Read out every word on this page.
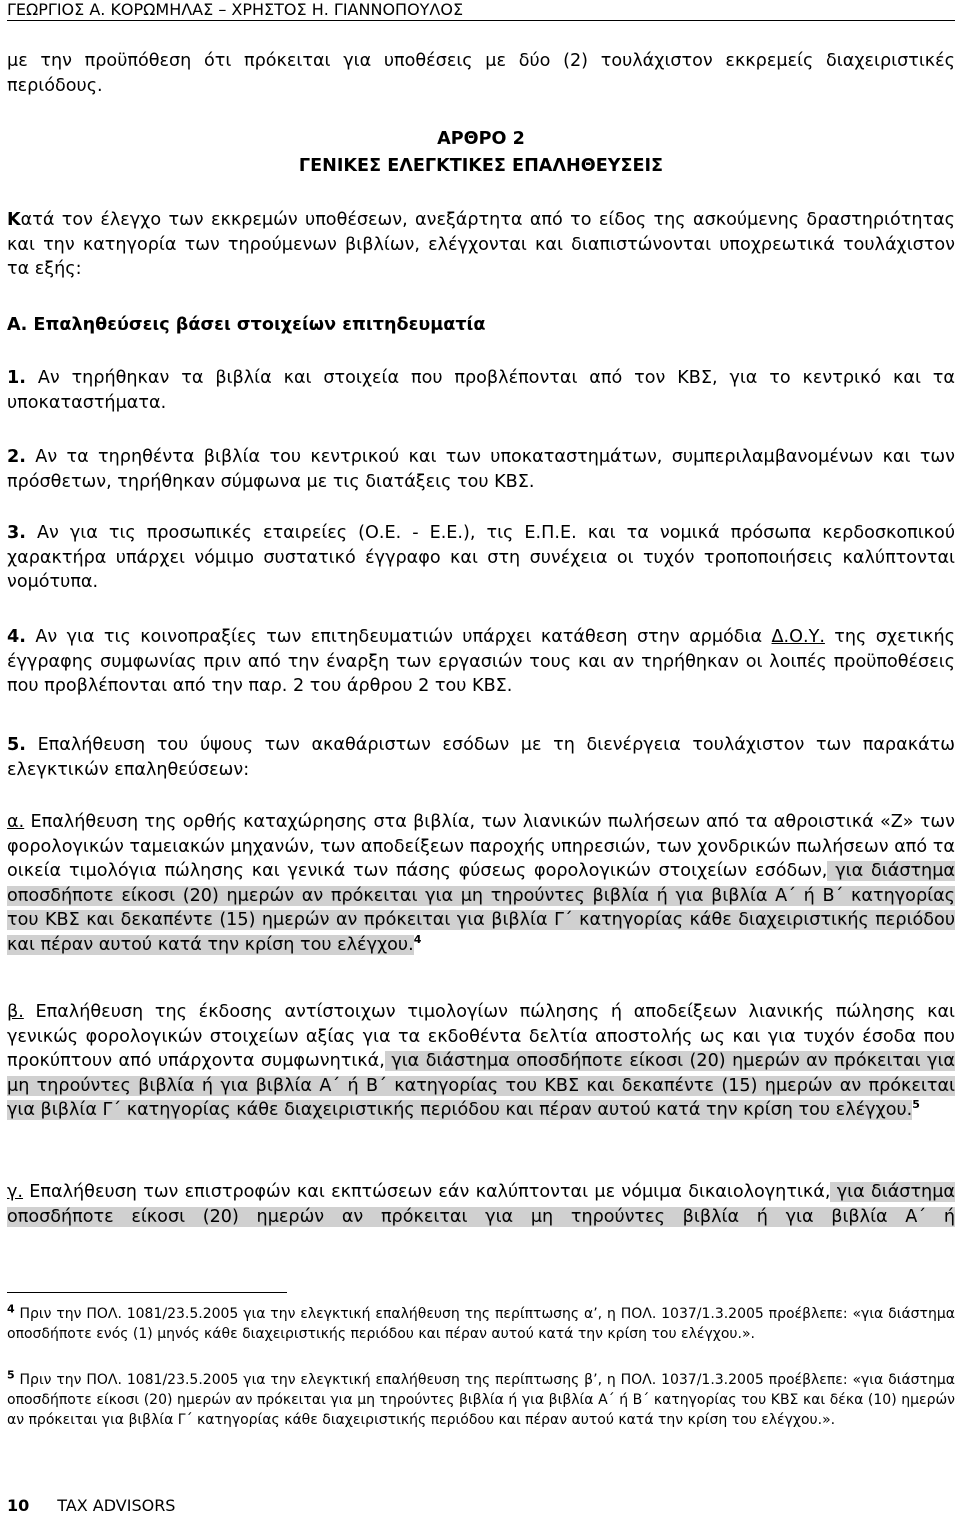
ΓΕΩΡΓΙΟΣ Α. ΚΟΡΩΜΗΛΑΣ – ΧΡΗΣΤΟΣ Η. ΓΙΑΝΝΟΠΟΥΛΟΣ
με την προϋπόθεση ότι πρόκειται για υποθέσεις με δύο (2) τουλάχιστον εκκρεμείς διαχειριστικές περιόδους.
ΑΡΘΡΟ 2
ΓΕΝΙΚΕΣ ΕΛΕΓΚΤΙΚΕΣ ΕΠΑΛΗΘΕΥΣΕΙΣ
Κατά τον έλεγχο των εκκρεμών υποθέσεων, ανεξάρτητα από το είδος της ασκούμενης δραστηριότητας και την κατηγορία των τηρούμενων βιβλίων, ελέγχονται και διαπιστώνονται υποχρεωτικά τουλάχιστον τα εξής:
Α. Επαληθεύσεις βάσει στοιχείων επιτηδευματία
1. Αν τηρήθηκαν τα βιβλία και στοιχεία που προβλέπονται από τον ΚΒΣ, για το κεντρικό και τα υποκαταστήματα.
2. Αν τα τηρηθέντα βιβλία του κεντρικού και των υποκαταστημάτων, συμπεριλαμβανομένων και των πρόσθετων, τηρήθηκαν σύμφωνα με τις διατάξεις του ΚΒΣ.
3. Αν για τις προσωπικές εταιρείες (Ο.Ε. - Ε.Ε.), τις Ε.Π.Ε. και τα νομικά πρόσωπα κερδοσκοπικού χαρακτήρα υπάρχει νόμιμο συστατικό έγγραφο και στη συνέχεια οι τυχόν τροποποιήσεις καλύπτονται νομότυπα.
4. Αν για τις κοινοπραξίες των επιτηδευματιών υπάρχει κατάθεση στην αρμόδια Δ.Ο.Υ. της σχετικής έγγραφης συμφωνίας πριν από την έναρξη των εργασιών τους και αν τηρήθηκαν οι λοιπές προϋποθέσεις που προβλέπονται από την παρ. 2 του άρθρου 2 του ΚΒΣ.
5. Επαλήθευση του ύψους των ακαθάριστων εσόδων με τη διενέργεια τουλάχιστον των παρακάτω ελεγκτικών επαληθεύσεων:
α. Επαλήθευση της ορθής καταχώρησης στα βιβλία, των λιανικών πωλήσεων από τα αθροιστικά «Ζ» των φορολογικών ταμειακών μηχανών, των αποδείξεων παροχής υπηρεσιών, των χονδρικών πωλήσεων από τα οικεία τιμολόγια πώλησης και γενικά των πάσης φύσεως φορολογικών στοιχείων εσόδων, για διάστημα οποσδήποτε είκοσι (20) ημερών αν πρόκειται για μη τηρούντες βιβλία ή για βιβλία Α΄ ή Β΄ κατηγορίας του ΚΒΣ και δεκαπέντε (15) ημερών αν πρόκειται για βιβλία Γ΄ κατηγορίας κάθε διαχειριστικής περιόδου και πέραν αυτού κατά την κρίση του ελέγχου.$^4$
β. Επαλήθευση της έκδοσης αντίστοιχων τιμολογίων πώλησης ή αποδείξεων λιανικής πώλησης και γενικώς φορολογικών στοιχείων αξίας για τα εκδοθέντα δελτία αποστολής ως και για τυχόν έσοδα που προκύπτουν από υπάρχοντα συμφωνητικά, για διάστημα οποσδήποτε είκοσι (20) ημερών αν πρόκειται για μη τηρούντες βιβλία ή για βιβλία Α΄ ή Β΄ κατηγορίας του ΚΒΣ και δεκαπέντε (15) ημερών αν πρόκειται για βιβλία Γ΄ κατηγορίας κάθε διαχειριστικής περιόδου και πέραν αυτού κατά την κρίση του ελέγχου.$^5$
γ. Επαλήθευση των επιστροφών και εκπτώσεων εάν καλύπτονται με νόμιμα δικαιολογητικά, για διάστημα οποσδήποτε είκοσι (20) ημερών αν πρόκειται για μη τηρούντες βιβλία ή για βιβλία Α΄ ή
$^4$ Πριν την ΠΟΛ. 1081/23.5.2005 για την ελεγκτική επαλήθευση της περίπτωσης α’, η ΠΟΛ. 1037/1.3.2005 προέβλεπε: «για διάστημα οποσδήποτε ενός (1) μηνός κάθε διαχειριστικής περιόδου και πέραν αυτού κατά την κρίση του ελέγχου.».
$^5$ Πριν την ΠΟΛ. 1081/23.5.2005 για την ελεγκτική επαλήθευση της περίπτωσης β’, η ΠΟΛ. 1037/1.3.2005 προέβλεπε: «για διάστημα οποσδήποτε είκοσι (20) ημερών αν πρόκειται για μη τηρούντες βιβλία ή για βιβλία Α΄ ή Β΄ κατηγορίας του ΚΒΣ και δέκα (10) ημερών αν πρόκειται για βιβλία Γ΄ κατηγορίας κάθε διαχειριστικής περιόδου και πέραν αυτού κατά την κρίση του ελέγχου.».
10 TAX ADVISORS
